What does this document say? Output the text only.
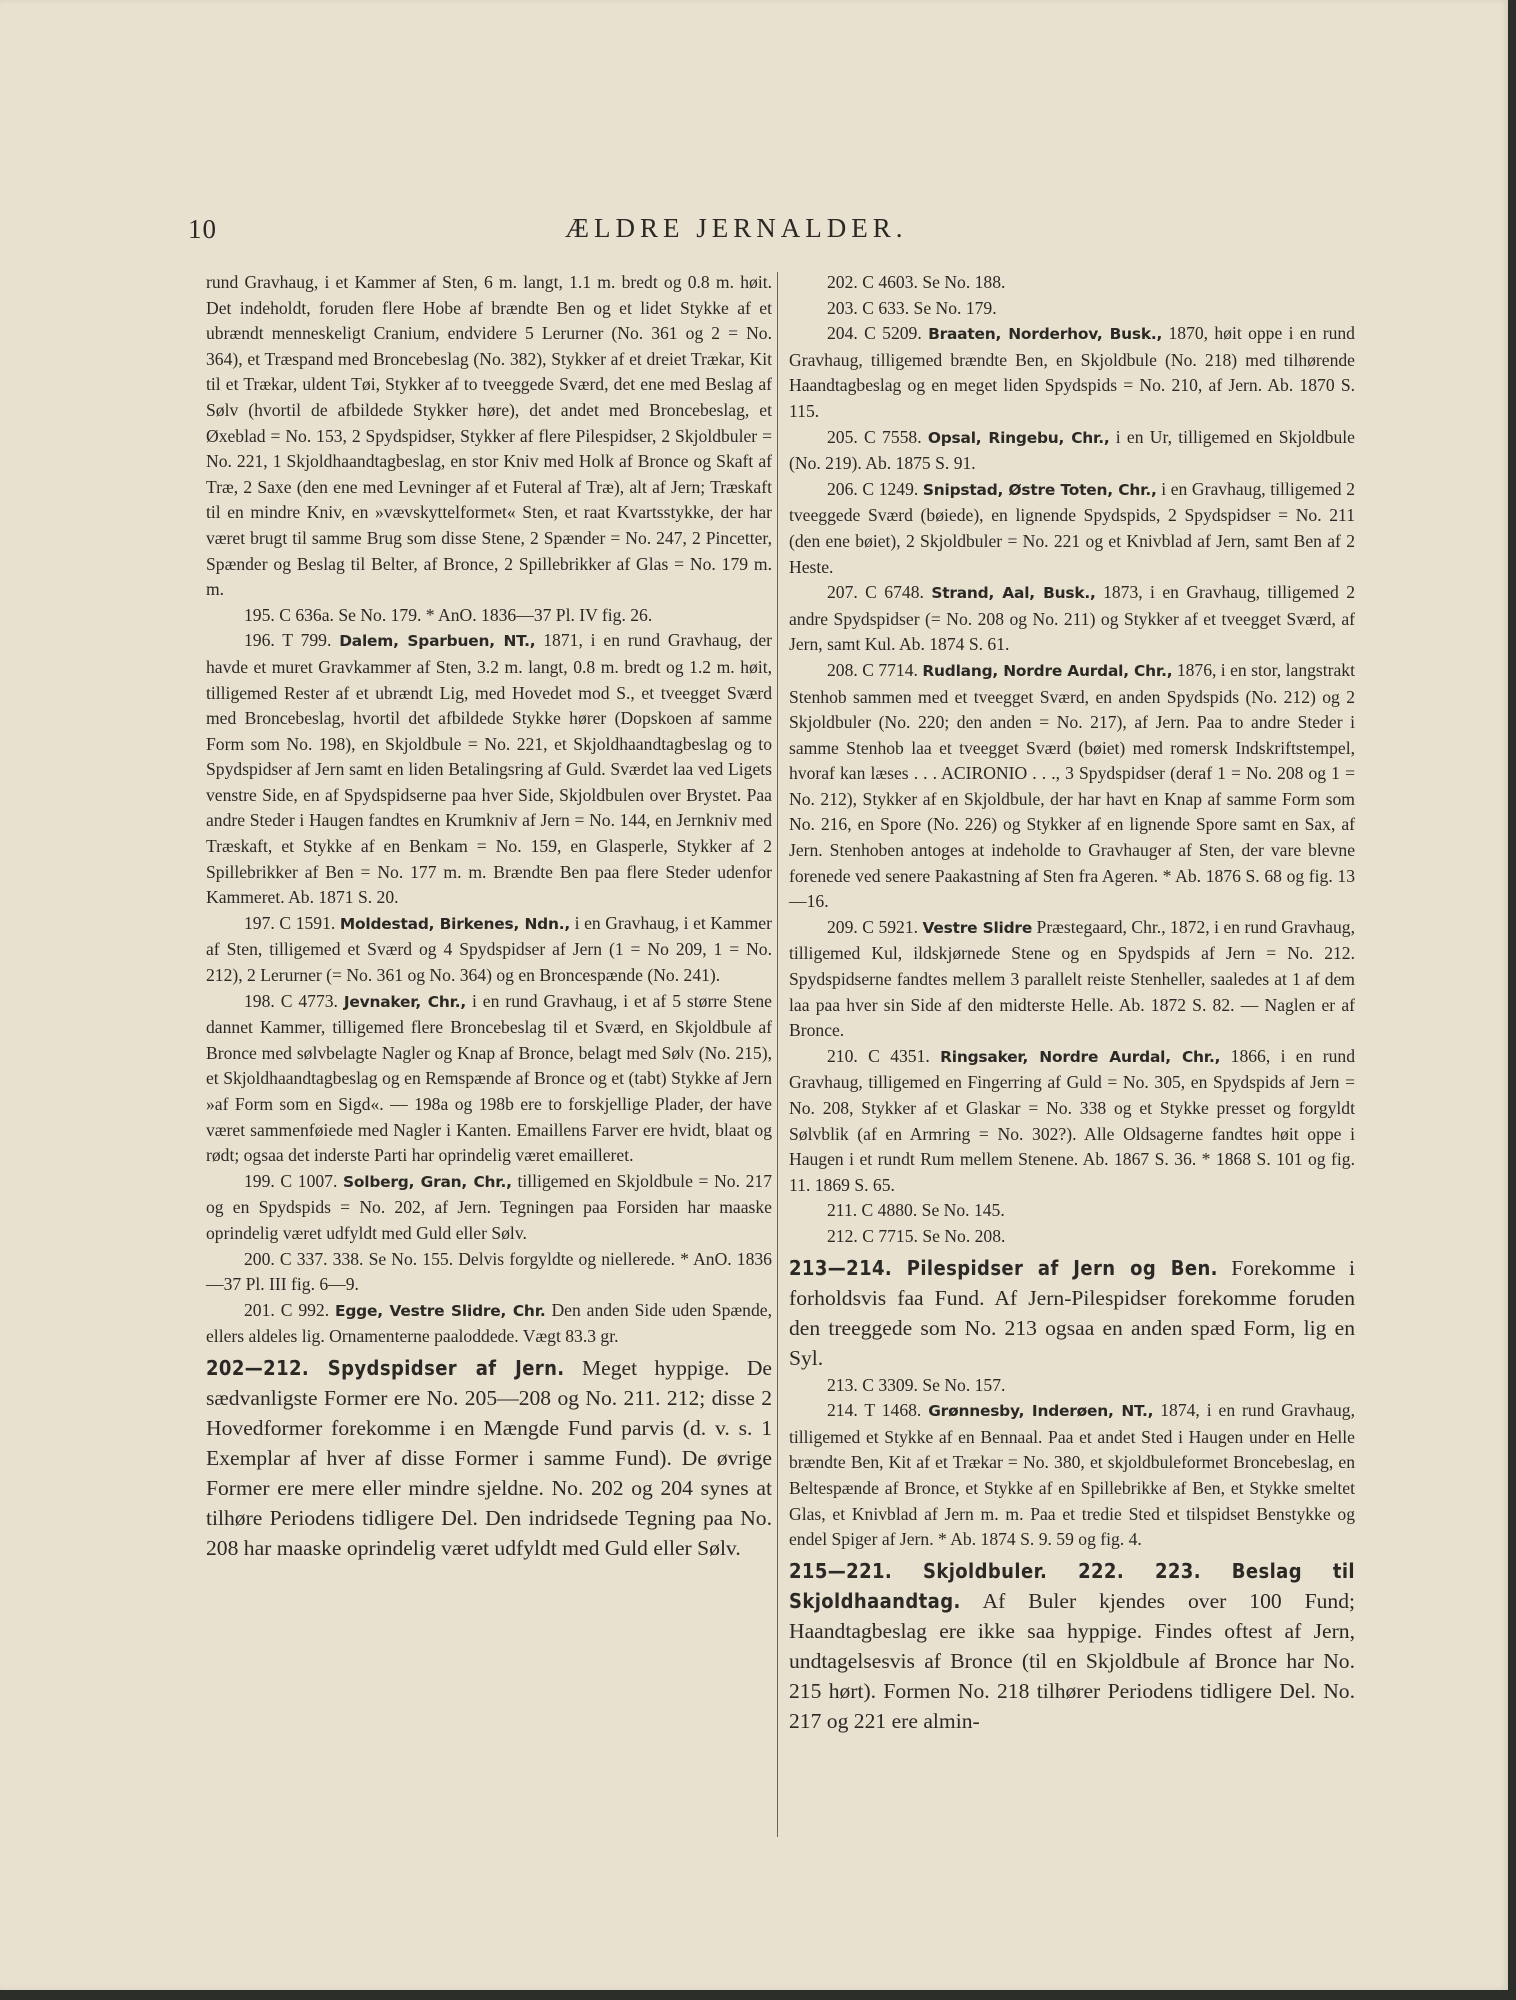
10	ÆLDRE JERNALDER.

rund Gravhaug, i et Kammer af Sten, 6 m. langt, 1.1 m. bredt og 0.8 m. høit. Det indeholdt, foruden flere Hobe af brændte Ben og et lidet Stykke af et ubrændt menneskeligt Cranium, endvidere 5 Lerurner (No. 361 og 2 = No. 364), et Træspand med Broncebeslag (No. 382), Stykker af et dreiet Trækar, Kit til et Trækar, uldent Tøi, Stykker af to tveeggede Sværd, det ene med Beslag af Sølv (hvortil de afbildede Stykker høre), det andet med Broncebeslag, et Øxeblad = No. 153, 2 Spydspidser, Stykker af flere Pilespidser, 2 Skjoldbuler = No. 221, 1 Skjoldhaandtagbeslag, en stor Kniv med Holk af Bronce og Skaft af Træ, 2 Saxe (den ene med Levninger af et Futeral af Træ), alt af Jern; Træskaft til en mindre Kniv, en »vævskyttelformet« Sten, et raat Kvartsstykke, der har været brugt til samme Brug som disse Stene, 2 Spænder = No. 247, 2 Pincetter, Spænder og Beslag til Belter, af Bronce, 2 Spillebrikker af Glas = No. 179 m. m.

195. C 636a. Se No. 179. * AnO. 1836—37 Pl. IV fig. 26.

196. T 799. Dalem, Sparbuen, NT., 1871, i en rund Gravhaug, der havde et muret Gravkammer af Sten, 3.2 m. langt, 0.8 m. bredt og 1.2 m. høit, tilligemed Rester af et ubrændt Lig, med Hovedet mod S., et tveegget Sværd med Broncebeslag, hvortil det afbildede Stykke hører (Dopskoen af samme Form som No. 198), en Skjoldbule = No. 221, et Skjoldhaandtagbeslag og to Spydspidser af Jern samt en liden Betalingsring af Guld. Sværdet laa ved Ligets venstre Side, en af Spydspidserne paa hver Side, Skjoldbulen over Brystet. Paa andre Steder i Haugen fandtes en Krumkniv af Jern = No. 144, en Jernkniv med Træskaft, et Stykke af en Benkam = No. 159, en Glasperle, Stykker af 2 Spillebrikker af Ben = No. 177 m. m. Brændte Ben paa flere Steder udenfor Kammeret. Ab. 1871 S. 20.

197. C 1591. Moldestad, Birkenes, Ndn., i en Gravhaug, i et Kammer af Sten, tilligemed et Sværd og 4 Spydspidser af Jern (1 = No 209, 1 = No. 212), 2 Lerurner (= No. 361 og No. 364) og en Broncespænde (No. 241).

198. C 4773. Jevnaker, Chr., i en rund Gravhaug, i et af 5 større Stene dannet Kammer, tilligemed flere Broncebeslag til et Sværd, en Skjoldbule af Bronce med sølvbelagte Nagler og Knap af Bronce, belagt med Sølv (No. 215), et Skjoldhaandtagbeslag og en Remspænde af Bronce og et (tabt) Stykke af Jern »af Form som en Sigd«. — 198a og 198b ere to forskjellige Plader, der have været sammenføiede med Nagler i Kanten. Emaillens Farver ere hvidt, blaat og rødt; ogsaa det inderste Parti har oprindelig været emailleret.

199. C 1007. Solberg, Gran, Chr., tilligemed en Skjoldbule = No. 217 og en Spydspids = No. 202, af Jern. Tegningen paa Forsiden har maaske oprindelig været udfyldt med Guld eller Sølv.

200. C 337. 338. Se No. 155. Delvis forgyldte og niellerede. * AnO. 1836—37 Pl. III fig. 6—9.

201. C 992. Egge, Vestre Slidre, Chr. Den anden Side uden Spænde, ellers aldeles lig. Ornamenterne paaloddede. Vægt 83.3 gr.

202—212. Spydspidser af Jern. Meget hyppige. De sædvanligste Former ere No. 205—208 og No. 211. 212; disse 2 Hovedformer forekomme i en Mængde Fund parvis (d. v. s. 1 Exemplar af hver af disse Former i samme Fund). De øvrige Former ere mere eller mindre sjeldne. No. 202 og 204 synes at tilhøre Periodens tidligere Del. Den indridsede Tegning paa No. 208 har maaske oprindelig været udfyldt med Guld eller Sølv.

202. C 4603. Se No. 188.

203. C 633. Se No. 179.

204. C 5209. Braaten, Norderhov, Busk., 1870, høit oppe i en rund Gravhaug, tilligemed brændte Ben, en Skjoldbule (No. 218) med tilhørende Haandtagbeslag og en meget liden Spydspids = No. 210, af Jern. Ab. 1870 S. 115.

205. C 7558. Opsal, Ringebu, Chr., i en Ur, tilligemed en Skjoldbule (No. 219). Ab. 1875 S. 91.

206. C 1249. Snipstad, Østre Toten, Chr., i en Gravhaug, tilligemed 2 tveeggede Sværd (bøiede), en lignende Spydspids, 2 Spydspidser = No. 211 (den ene bøiet), 2 Skjoldbuler = No. 221 og et Knivblad af Jern, samt Ben af 2 Heste.

207. C 6748. Strand, Aal, Busk., 1873, i en Gravhaug, tilligemed 2 andre Spydspidser (= No. 208 og No. 211) og Stykker af et tveegget Sværd, af Jern, samt Kul. Ab. 1874 S. 61.

208. C 7714. Rudlang, Nordre Aurdal, Chr., 1876, i en stor, langstrakt Stenhob sammen med et tveegget Sværd, en anden Spydspids (No. 212) og 2 Skjoldbuler (No. 220; den anden = No. 217), af Jern. Paa to andre Steder i samme Stenhob laa et tveegget Sværd (bøiet) med romersk Indskriftstempel, hvoraf kan læses . . . ACIRONIO . . ., 3 Spydspidser (deraf 1 = No. 208 og 1 = No. 212), Stykker af en Skjoldbule, der har havt en Knap af samme Form som No. 216, en Spore (No. 226) og Stykker af en lignende Spore samt en Sax, af Jern. Stenhoben antoges at indeholde to Gravhauger af Sten, der vare blevne forenede ved senere Paakastning af Sten fra Ageren. * Ab. 1876 S. 68 og fig. 13—16.

209. C 5921. Vestre Slidre Præstegaard, Chr., 1872, i en rund Gravhaug, tilligemed Kul, ildskjørnede Stene og en Spydspids af Jern = No. 212. Spydspidserne fandtes mellem 3 parallelt reiste Stenheller, saaledes at 1 af dem laa paa hver sin Side af den midterste Helle. Ab. 1872 S. 82. — Naglen er af Bronce.

210. C 4351. Ringsaker, Nordre Aurdal, Chr., 1866, i en rund Gravhaug, tilligemed en Fingerring af Guld = No. 305, en Spydspids af Jern = No. 208, Stykker af et Glaskar = No. 338 og et Stykke presset og forgyldt Sølvblik (af en Armring = No. 302?). Alle Oldsagerne fandtes høit oppe i Haugen i et rundt Rum mellem Stenene. Ab. 1867 S. 36. * 1868 S. 101 og fig. 11. 1869 S. 65.

211. C 4880. Se No. 145.

212. C 7715. Se No. 208.

213—214. Pilespidser af Jern og Ben. Forekomme i forholdsvis faa Fund. Af Jern-Pilespidser forekomme foruden den treeggede som No. 213 ogsaa en anden spæd Form, lig en Syl.

213. C 3309. Se No. 157.

214. T 1468. Grønnesby, Inderøen, NT., 1874, i en rund Gravhaug, tilligemed et Stykke af en Bennaal. Paa et andet Sted i Haugen under en Helle brændte Ben, Kit af et Trækar = No. 380, et skjoldbuleformet Broncebeslag, en Beltespænde af Bronce, et Stykke af en Spillebrikke af Ben, et Stykke smeltet Glas, et Knivblad af Jern m. m. Paa et tredie Sted et tilspidset Benstykke og endel Spiger af Jern. * Ab. 1874 S. 9. 59 og fig. 4.

215—221. Skjoldbuler. 222. 223. Beslag til Skjoldhaandtag. Af Buler kjendes over 100 Fund; Haandtagbeslag ere ikke saa hyppige. Findes oftest af Jern, undtagelsesvis af Bronce (til en Skjoldbule af Bronce har No. 215 hørt). Formen No. 218 tilhører Periodens tidligere Del. No. 217 og 221 ere almin-
